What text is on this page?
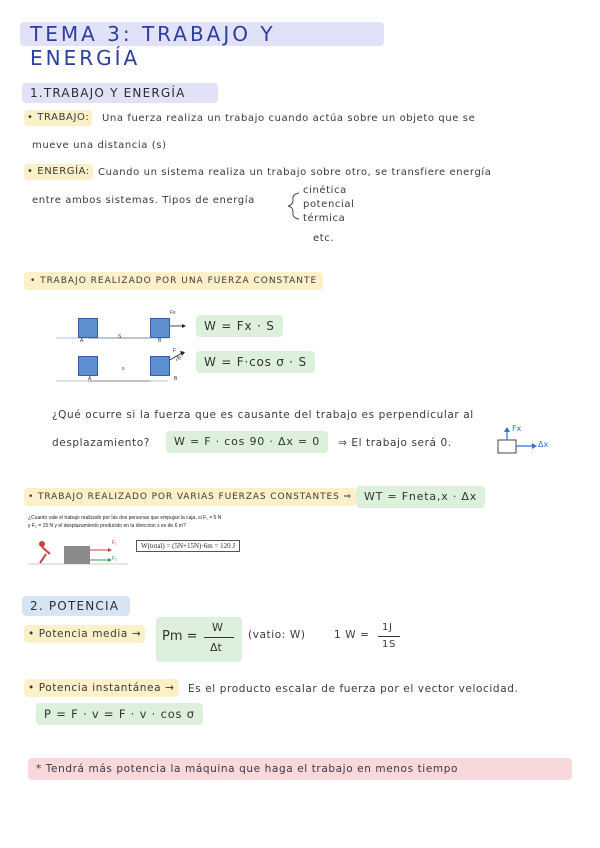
TEMA 3: TRABAJO Y ENERGÍA
1.TRABAJO Y ENERGÍA
• TRABAJO:	Una fuerza realiza un trabajo cuando actúa sobre un objeto que se
mueve una distancia (s)
• ENERGÍA: Cuando un sistema realiza un trabajo sobre otro, se transfiere energía
entre ambos sistemas. Tipos de energía
cinética
potencial
térmica
etc.
• TRABAJO REALIZADO POR UNA FUERZA CONSTANTE
Fx
A
S
B
F
θ
A
s
B
W = Fx · S
W = F·cos σ · S
¿Qué ocurre si la fuerza que es causante del trabajo es perpendicular al
desplazamiento?	W = F · cos 90 · Δx = 0	⇒ El trabajo será 0.
Fx
Δx
• TRABAJO REALIZADO POR VARIAS FUERZAS CONSTANTES ⇒	WT = Fneta,x · Δx
¿Cuanto vale el trabajo realizado por las dos personas que empujan la caja, si F₁ = 5 N
y F₂ = 15 N y el desplazamiento producido en la direccion x es de 6 m?
F₁
F₂
W(total) = (5N+15N)·6m = 120 J
2. POTENCIA
• Potencia media →	Pm =
W
Δt
(vatio: W)	1 W =
1J
1S
• Potencia instantánea →	Es el producto escalar de fuerza por el vector velocidad.
P = F · v = F · v · cos σ
* Tendrá más potencia la máquina que haga el trabajo en menos tiempo
